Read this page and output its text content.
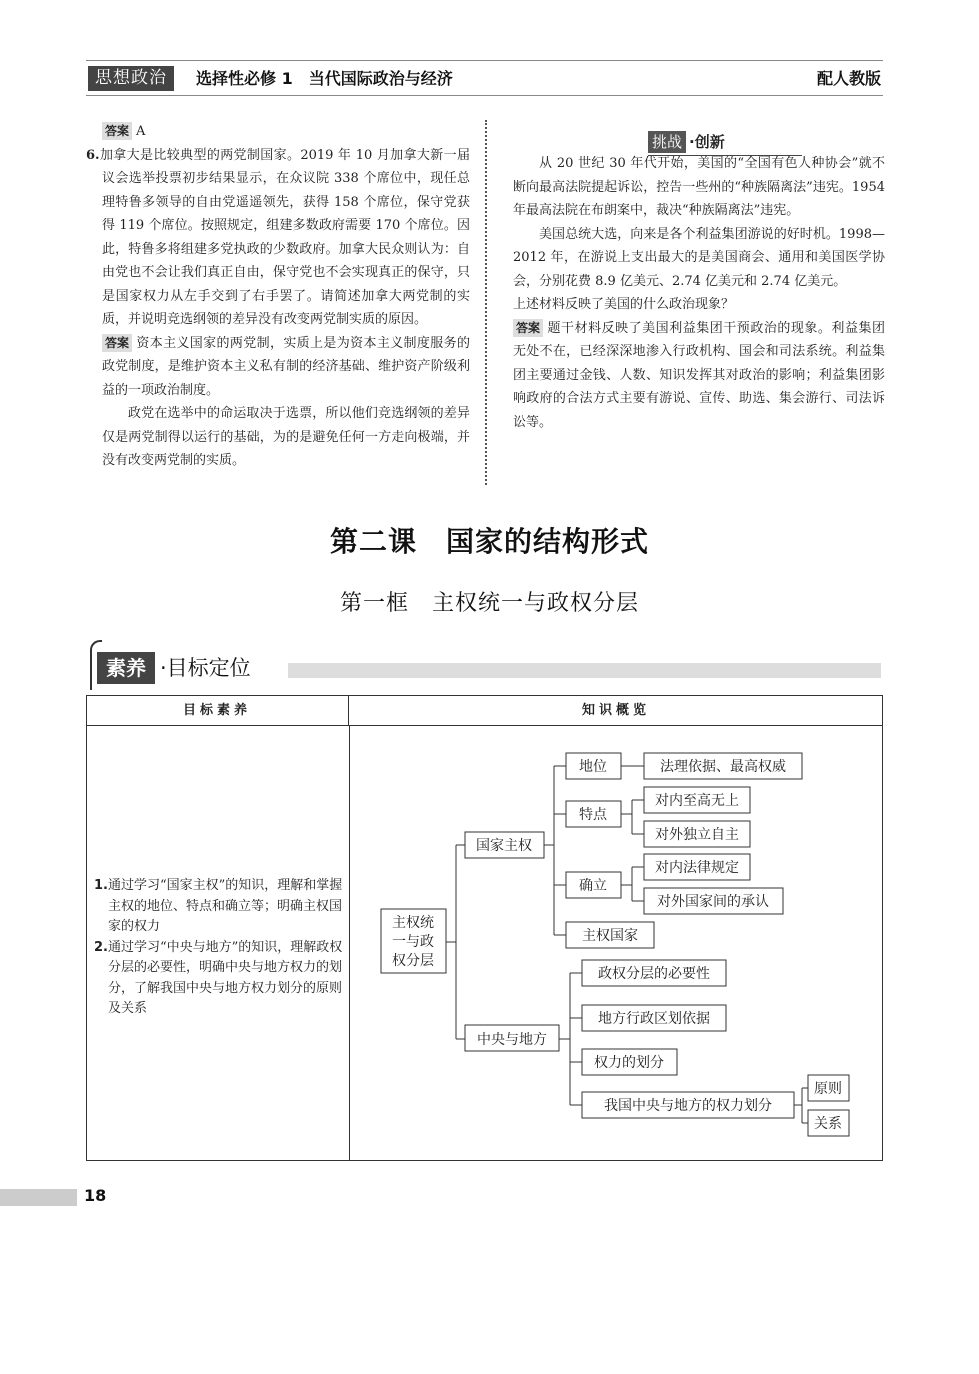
思想政治	选择性必修 1　当代国际政治与经济	配人教版

答案 A

6.加拿大是比较典型的两党制国家。2019 年 10 月加拿大新一届议会选举投票初步结果显示，在众议院 338 个席位中，现任总理特鲁多领导的自由党遥遥领先，获得 158 个席位，保守党获得 119 个席位。按照规定，组建多数政府需要 170 个席位。因此，特鲁多将组建多党执政的少数政府。加拿大民众则认为：自由党也不会让我们真正自由，保守党也不会实现真正的保守，只是国家权力从左手交到了右手罢了。请简述加拿大两党制的实质，并说明竞选纲领的差异没有改变两党制实质的原因。

答案 资本主义国家的两党制，实质上是为资本主义制度服务的政党制度，是维护资本主义私有制的经济基础、维护资产阶级利益的一项政治制度。

政党在选举中的命运取决于选票，所以他们竞选纲领的差异仅是两党制得以运行的基础，为的是避免任何一方走向极端，并没有改变两党制的实质。

挑战 ·创新

从 20 世纪 30 年代开始，美国的“全国有色人种协会”就不断向最高法院提起诉讼，控告一些州的“种族隔离法”违宪。1954 年最高法院在布朗案中，裁决“种族隔离法”违宪。

美国总统大选，向来是各个利益集团游说的好时机。1998—2012 年，在游说上支出最大的是美国商会、通用和美国医学协会，分别花费 8.9 亿美元、2.74 亿美元和 2.74 亿美元。

上述材料反映了美国的什么政治现象？

答案 题干材料反映了美国利益集团干预政治的现象。利益集团无处不在，已经深深地渗入行政机构、国会和司法系统。利益集团主要通过金钱、人数、知识发挥其对政治的影响；利益集团影响政府的合法方式主要有游说、宣传、助选、集会游行、司法诉讼等。

第二课　国家的结构形式
第一框　主权统一与政权分层
素养 ·目标定位
目标素养	知识概览

1.通过学习“国家主权”的知识，理解和掌握主权的地位、特点和确立等；明确主权国家的权力

2.通过学习“中央与地方”的知识，理解政权分层的必要性，明确中央与地方权力的划分，了解我国中央与地方权力划分的原则及关系

主权统
一与政
权分层
国家主权
中央与地方
地位	法理依据、最高权威
特点
对内至高无上
对外独立自主
确立
对内法律规定
对外国家间的承认
主权国家
政权分层的必要性
地方行政区划依据
权力的划分
我国中央与地方的权力划分
原则
关系
18
